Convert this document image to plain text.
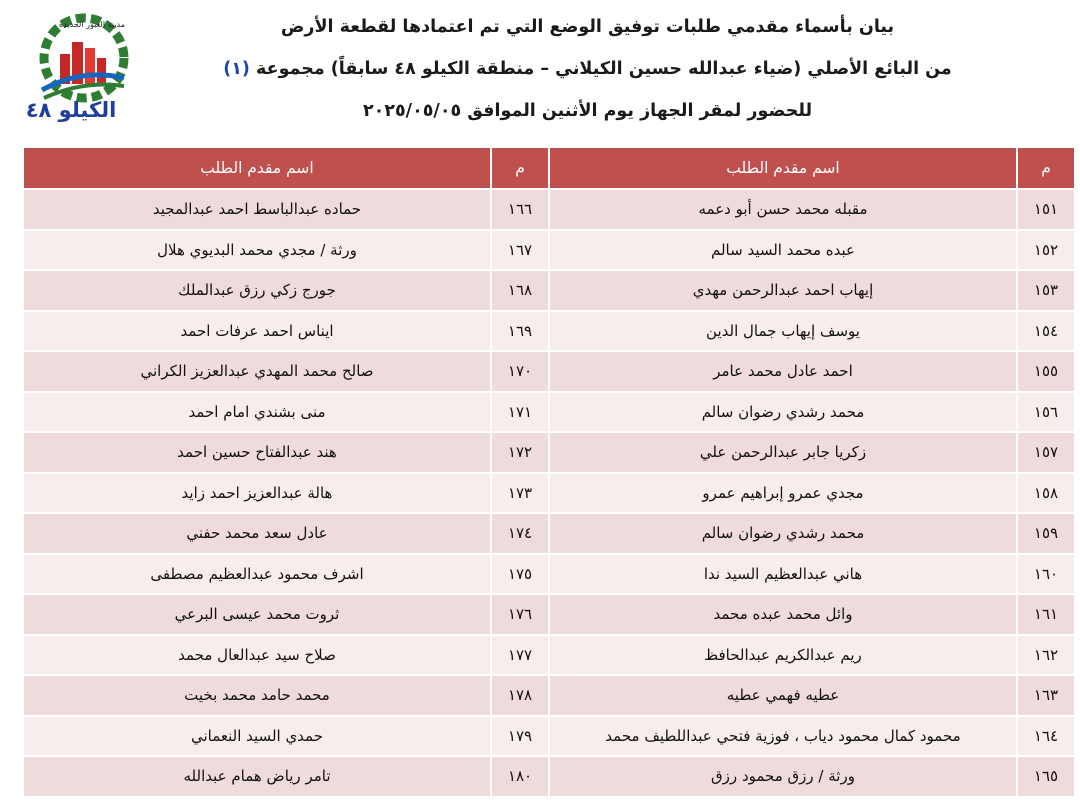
مدينة العبور الجديدة
الكيلو ٤٨
بيان بأسماء مقدمي طلبات توفيق الوضع التي تم اعتمادها لقطعة الأرض
من البائع الأصلي (ضياء عبدالله حسين الكيلاني – منطقة الكيلو ٤٨ سابقاً) مجموعة (١)
للحضور لمقر الجهاز يوم الأثنين الموافق ٢٠٢٥/٠٥/٠٥
م	اسم مقدم الطلب	م	اسم مقدم الطلب
١٥١	مقبله محمد حسن أبو دعمه	١٦٦	حماده عبدالباسط احمد عبدالمجيد
١٥٢	عبده محمد السيد سالم	١٦٧	ورثة / مجدي محمد البديوي هلال
١٥٣	إيهاب احمد عبدالرحمن مهدي	١٦٨	جورج زكي رزق عبدالملك
١٥٤	يوسف إيهاب جمال الدين	١٦٩	ايناس احمد عرفات احمد
١٥٥	احمد عادل محمد عامر	١٧٠	صالح محمد المهدي عبدالعزيز الكراني
١٥٦	محمد رشدي رضوان سالم	١٧١	منى بشندي امام احمد
١٥٧	زكريا جابر عبدالرحمن علي	١٧٢	هند عبدالفتاح حسين احمد
١٥٨	مجدي عمرو إبراهيم عمرو	١٧٣	هالة عبدالعزيز احمد زايد
١٥٩	محمد رشدي رضوان سالم	١٧٤	عادل سعد محمد حفني
١٦٠	هاني عبدالعظيم السيد ندا	١٧٥	اشرف محمود عبدالعظيم مصطفى
١٦١	وائل محمد عبده محمد	١٧٦	ثروت محمد عيسى البرعي
١٦٢	ريم عبدالكريم عبدالحافظ	١٧٧	صلاح سيد عبدالعال محمد
١٦٣	عطيه فهمي عطيه	١٧٨	محمد حامد محمد بخيت
١٦٤	محمود كمال محمود دياب ، فوزية فتحي عبداللطيف محمد	١٧٩	حمدي السيد النعماني
١٦٥	ورثة / رزق محمود رزق	١٨٠	تامر رياض همام عبدالله
